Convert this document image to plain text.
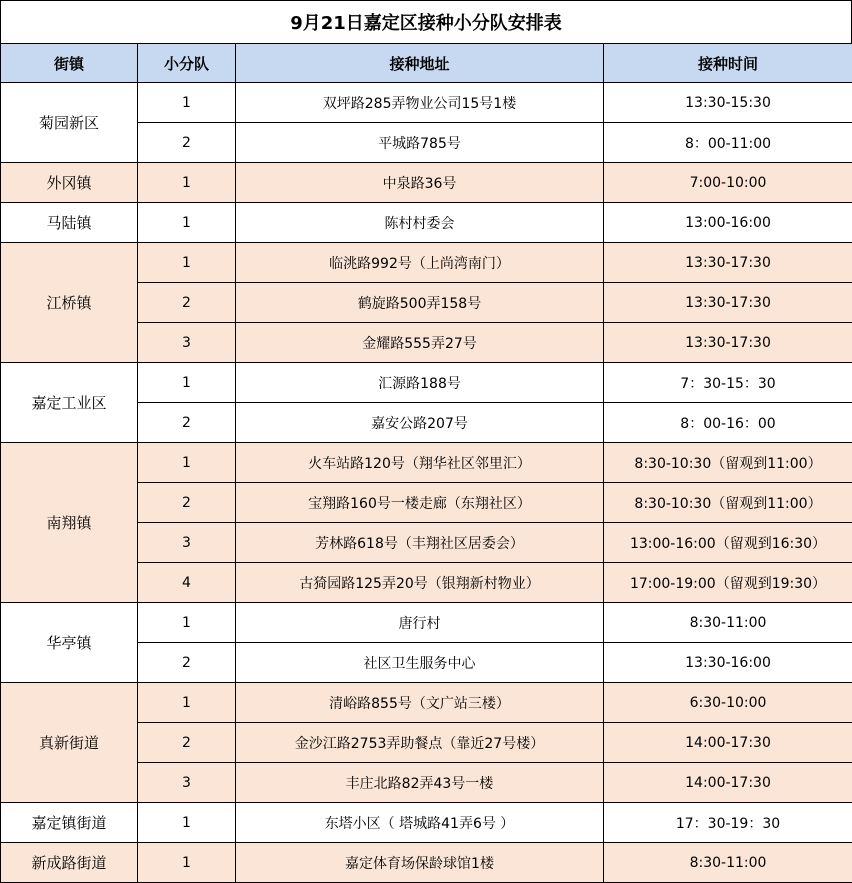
9月21日嘉定区接种小分队安排表
街镇	小分队	接种地址	接种时间
菊园新区	1	双坪路285弄物业公司15号1楼	13:30-15:30
	2	平城路785号	8：00-11:00
外冈镇	1	中泉路36号	7:00-10:00
马陆镇	1	陈村村委会	13:00-16:00
江桥镇	1	临洮路992号（上尚湾南门）	13:30-17:30
	2	鹤旋路500弄158号	13:30-17:30
	3	金耀路555弄27号	13:30-17:30
嘉定工业区	1	汇源路188号	7：30-15：30
	2	嘉安公路207号	8：00-16：00
南翔镇	1	火车站路120号（翔华社区邻里汇）	8:30-10:30（留观到11:00）
	2	宝翔路160号一楼走廊（东翔社区）	8:30-10:30（留观到11:00）
	3	芳林路618号（丰翔社区居委会）	13:00-16:00（留观到16:30）
	4	古猗园路125弄20号（银翔新村物业）	17:00-19:00（留观到19:30）
华亭镇	1	唐行村	8:30-11:00
	2	社区卫生服务中心	13:30-16:00
真新街道	1	清峪路855号（文广站三楼）	6:30-10:00
	2	金沙江路2753弄助餐点（靠近27号楼）	14:00-17:30
	3	丰庄北路82弄43号一楼	14:00-17:30
嘉定镇街道	1	东塔小区（ 塔城路41弄6号 ）	17：30-19：30
新成路街道	1	嘉定体育场保龄球馆1楼	8:30-11:00
